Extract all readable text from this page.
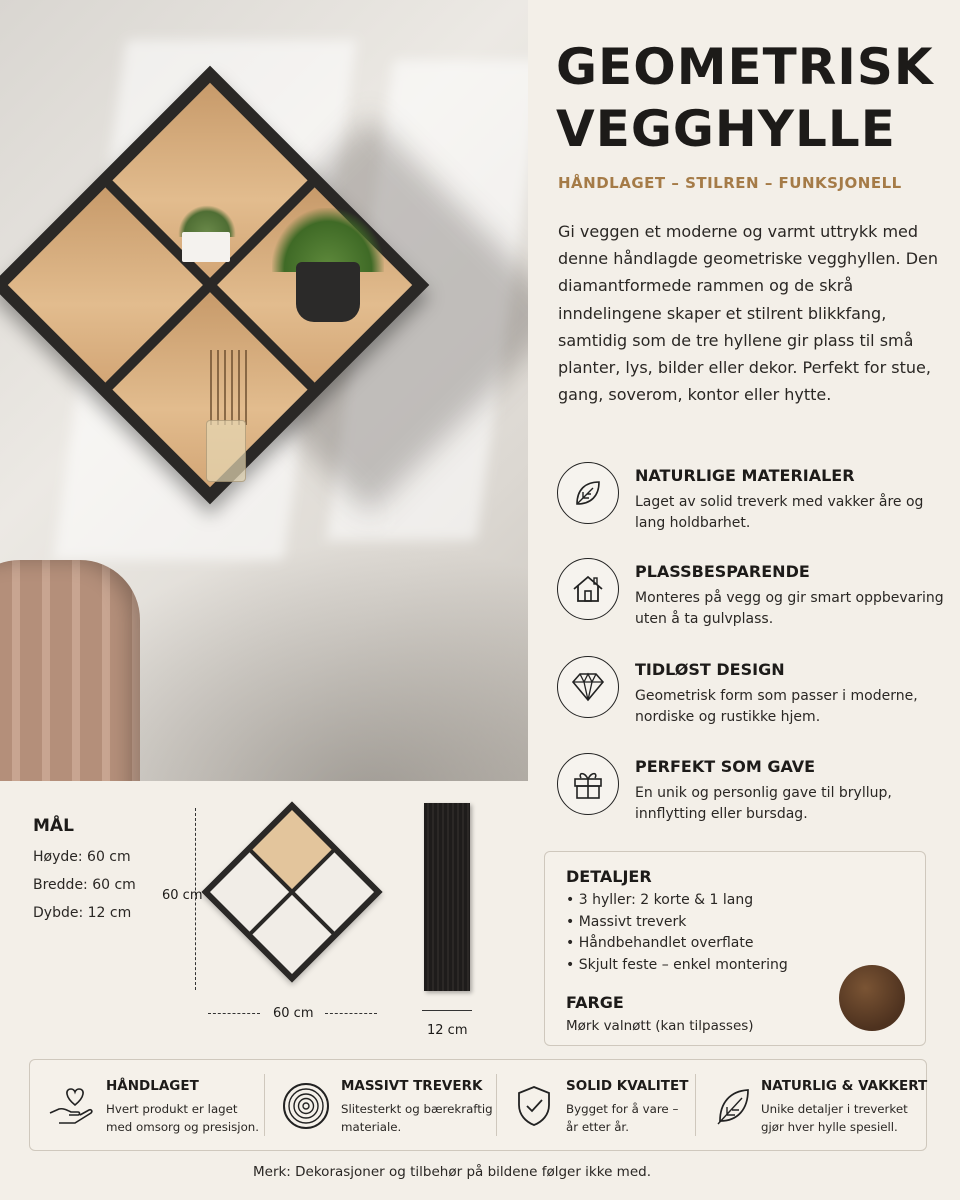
GEOMETRISK
VEGGHYLLE
HÅNDLAGET – STILREN – FUNKSJONELL
Gi veggen et moderne og varmt uttrykk med denne håndlagde geometriske vegghyllen. Den diamantformede rammen og de skrå inndelingene skaper et stilrent blikkfang, samtidig som de tre hyllene gir plass til små planter, lys, bilder eller dekor. Perfekt for stue, gang, soverom, kontor eller hytte.
NATURLIGE MATERIALER
Laget av solid treverk med vakker åre og lang holdbarhet.
PLASSBESPARENDE
Monteres på vegg og gir smart oppbevaring uten å ta gulvplass.
TIDLØST DESIGN
Geometrisk form som passer i moderne, nordiske og rustikke hjem.
PERFEKT SOM GAVE
En unik og personlig gave til bryllup, innflytting eller bursdag.
MÅL
Høyde: 60 cm
Bredde: 60 cm
Dybde: 12 cm
60 cm
60 cm
12 cm
DETALJER
• 3 hyller: 2 korte & 1 lang
• Massivt treverk
• Håndbehandlet overflate
• Skjult feste – enkel montering
FARGE
Mørk valnøtt (kan tilpasses)
HÅNDLAGET
Hvert produkt er laget
med omsorg og presisjon.
MASSIVT TREVERK
Slitesterkt og bærekraftig
materiale.
SOLID KVALITET
Bygget for å vare –
år etter år.
NATURLIG & VAKKERT
Unike detaljer i treverket
gjør hver hylle spesiell.
Merk: Dekorasjoner og tilbehør på bildene følger ikke med.
